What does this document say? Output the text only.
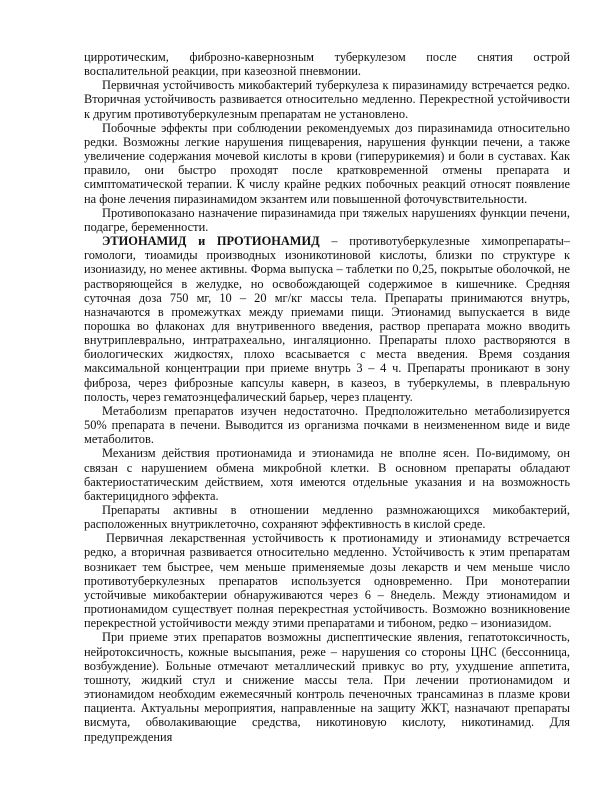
цирротическим, фиброзно-кавернозным туберкулезом после снятия острой воспалительной реакции, при казеозной пневмонии.

Первичная устойчивость микобактерий туберкулеза к пиразинамиду встречается редко. Вторичная устойчивость развивается относительно медленно. Перекрестной устойчивости к другим противотуберкулезным препаратам не установлено.

Побочные эффекты при соблюдении рекомендуемых доз пиразинамида относительно редки. Возможны легкие нарушения пищеварения, нарушения функции печени, а также увеличение содержания мочевой кислоты в крови (гиперурикемия) и боли в суставах. Как правило, они быстро проходят после кратковременной отмены препарата и симптоматической терапии. К числу крайне редких побочных реакций относят появление на фоне лечения пиразинамидом экзантем или повышенной фоточувствительности.

Противопоказано назначение пиразинамида при тяжелых нарушениях функции печени, подагре, беременности.

ЭТИОНАМИД и ПРОТИОНАМИД – противотуберкулезные химопрепараты–гомологи, тиоамиды производных изоникотиновой кислоты, близки по структуре к изониазиду, но менее активны. Форма выпуска – таблетки по 0,25, покрытые оболочкой, не растворяющейся в желудке, но освобождающей содержимое в кишечнике. Средняя суточная доза 750 мг, 10 – 20 мг/кг массы тела. Препараты принимаются внутрь, назначаются в промежутках между приемами пищи. Этионамид выпускается в виде порошка во флаконах для внутривенного введения, раствор препарата можно вводить внутриплеврально, интратрахеально, ингаляционно. Препараты плохо растворяются в биологических жидкостях, плохо всасывается с места введения. Время создания максимальной концентрации при приеме внутрь 3 – 4 ч. Препараты проникают в зону фиброза, через фиброзные капсулы каверн, в казеоз, в туберкулемы, в плевральную полость, через гематоэнцефалический барьер, через плаценту.

Метаболизм препаратов изучен недостаточно. Предположительно метаболизируется 50% препарата в печени. Выводится из организма почками в неизмененном виде и виде метаболитов.

Механизм действия протионамида и этионамида не вполне ясен. По-видимому, он связан с нарушением обмена микробной клетки. В основном препараты обладают бактериостатическим действием, хотя имеются отдельные указания и на возможность бактерицидного эффекта.

Препараты активны в отношении медленно размножающихся микобактерий, расположенных внутриклеточно, сохраняют эффективность в кислой среде.

Первичная лекарственная устойчивость к протионамиду и этионамиду встречается редко, а вторичная развивается относительно медленно. Устойчивость к этим препаратам возникает тем быстрее, чем меньше применяемые дозы лекарств и чем меньше число противотуберкулезных препаратов используется одновременно. При монотерапии устойчивые микобактерии обнаруживаются через 6 – 8недель. Между этионамидом и протионамидом существует полная перекрестная устойчивость. Возможно возникновение перекрестной устойчивости между этими препаратами и тибоном, редко – изониазидом.

При приеме этих препаратов возможны диспептические явления, гепатотоксичность, нейротоксичность, кожные высыпания, реже – нарушения со стороны ЦНС (бессонница, возбуждение). Больные отмечают металлический привкус во рту, ухудшение аппетита, тошноту, жидкий стул и снижение массы тела. При лечении протионамидом и этионамидом необходим ежемесячный контроль печеночных трансаминаз в плазме крови пациента. Актуальны мероприятия, направленные на защиту ЖКТ, назначают препараты висмута, обволакивающие средства, никотиновую кислоту, никотинамид. Для предупреждения
